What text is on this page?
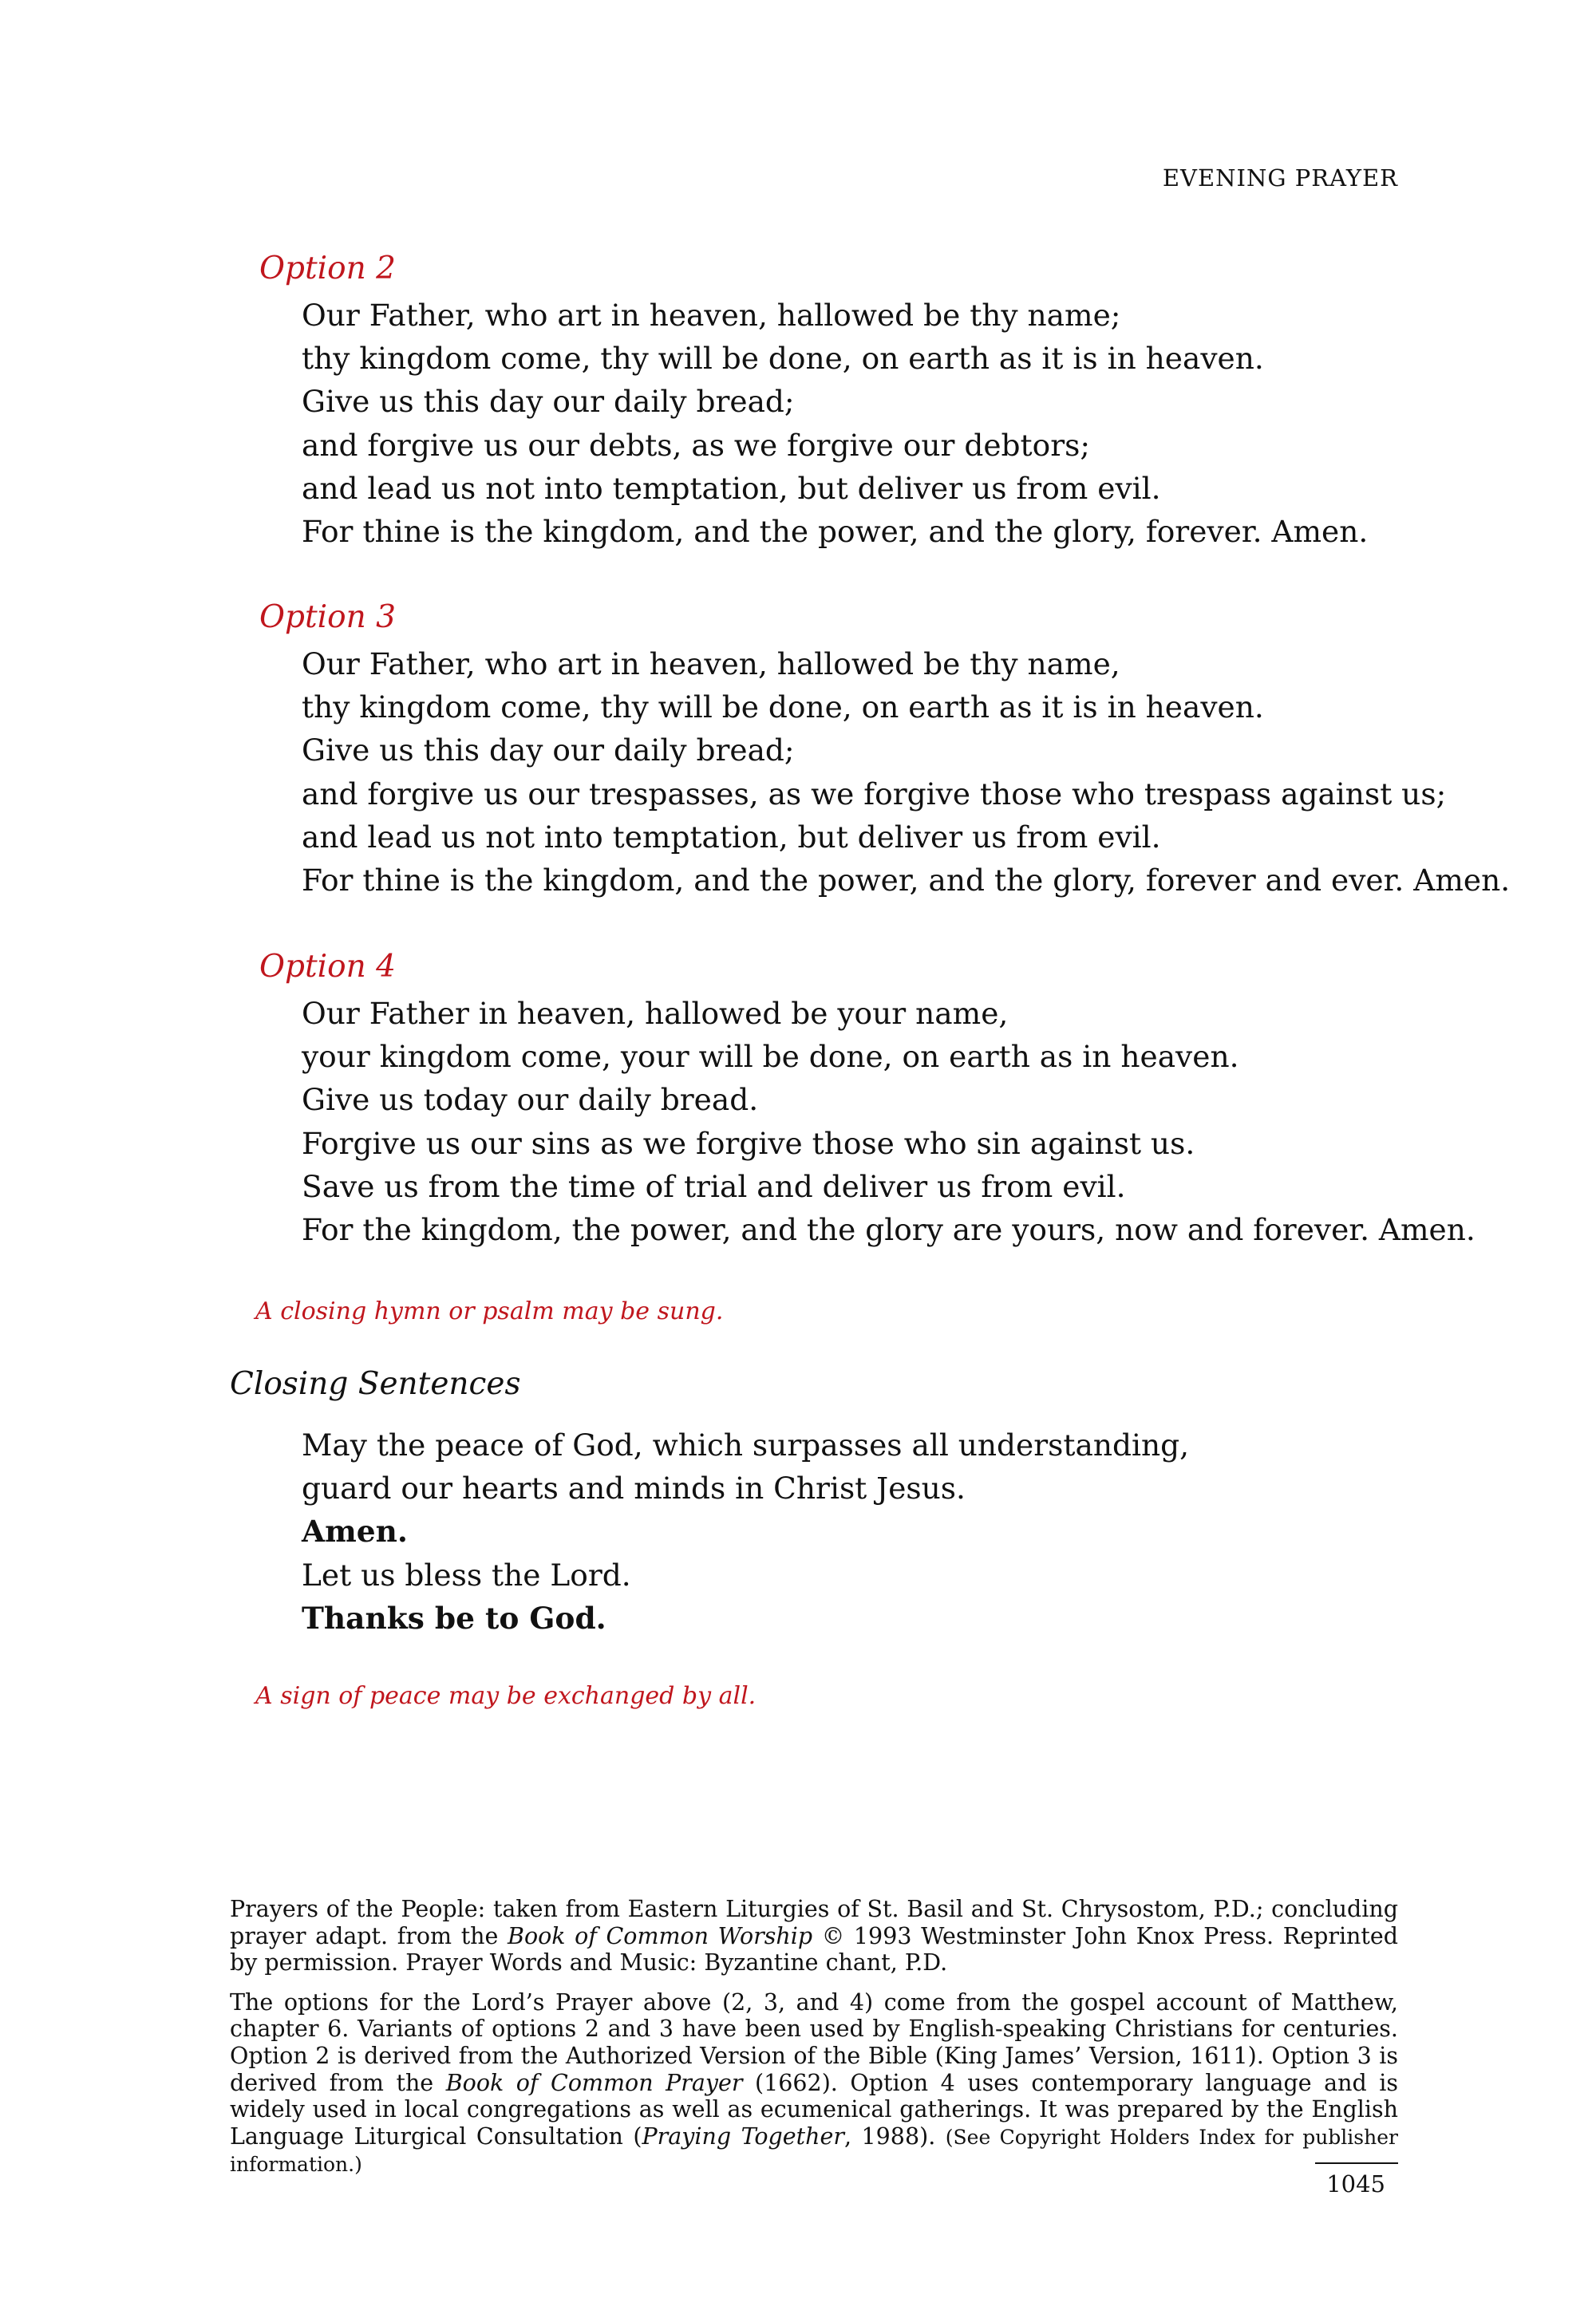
EVENING PRAYER
Option 2
Our Father, who art in heaven, hallowed be thy name;
thy kingdom come, thy will be done, on earth as it is in heaven.
Give us this day our daily bread;
and forgive us our debts, as we forgive our debtors;
and lead us not into temptation, but deliver us from evil.
For thine is the kingdom, and the power, and the glory, forever. Amen.
Option 3
Our Father, who art in heaven, hallowed be thy name,
thy kingdom come, thy will be done, on earth as it is in heaven.
Give us this day our daily bread;
and forgive us our trespasses, as we forgive those who trespass against us;
and lead us not into temptation, but deliver us from evil.
For thine is the kingdom, and the power, and the glory, forever and ever. Amen.
Option 4
Our Father in heaven, hallowed be your name,
your kingdom come, your will be done, on earth as in heaven.
Give us today our daily bread.
Forgive us our sins as we forgive those who sin against us.
Save us from the time of trial and deliver us from evil.
For the kingdom, the power, and the glory are yours, now and forever. Amen.
A closing hymn or psalm may be sung.
Closing Sentences
May the peace of God, which surpasses all understanding,
guard our hearts and minds in Christ Jesus.
Amen.
Let us bless the Lord.
Thanks be to God.
A sign of peace may be exchanged by all.

Prayers of the People: taken from Eastern Liturgies of St. Basil and St. Chrysostom, P.D.; concluding prayer adapt. from the Book of Common Worship © 1993 Westminster John Knox Press. Reprinted by permission. Prayer Words and Music: Byzantine chant, P.D.

The options for the Lord’s Prayer above (2, 3, and 4) come from the gospel account of Matthew, chapter 6. Variants of options 2 and 3 have been used by English-speaking Christians for centuries. Option 2 is derived from the Authorized Version of the Bible (King James’ Version, 1611). Option 3 is derived from the Book of Common Prayer (1662). Option 4 uses contemporary language and is widely used in local congregations as well as ecumenical gatherings. It was prepared by the English Language Liturgical Consultation (Praying Together, 1988). (See Copyright Holders Index for publisher information.)

1045
